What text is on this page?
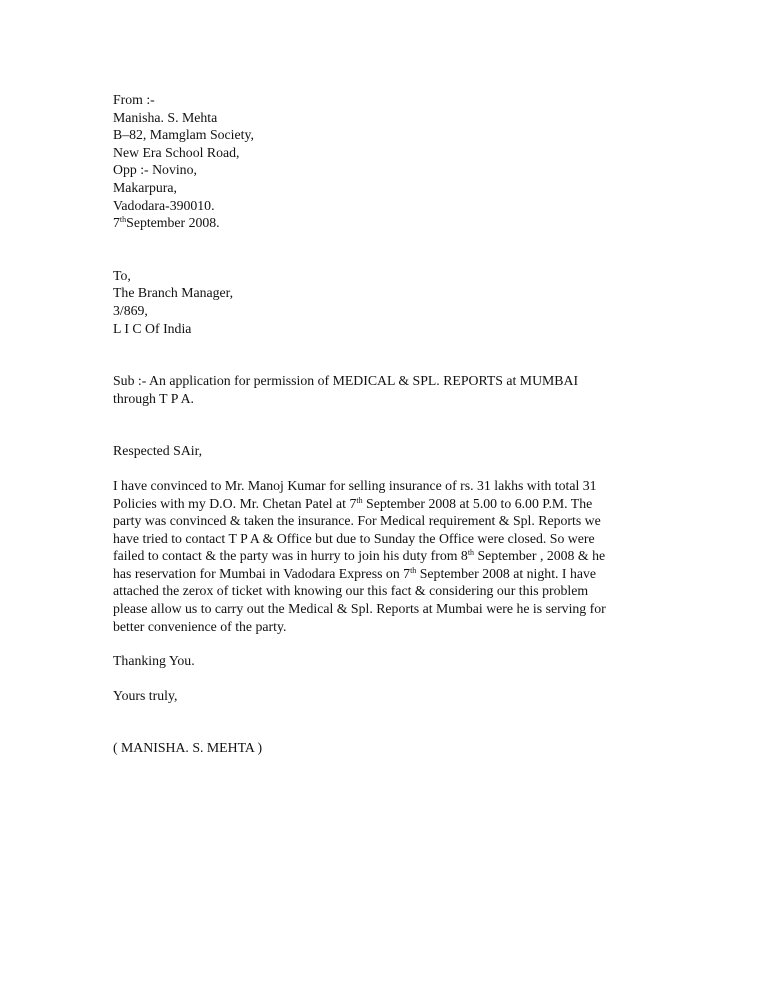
From :-
Manisha. S. Mehta
B–82, Mamglam Society,
New Era School Road,
Opp :- Novino,
Makarpura,
Vadodara-390010.
7thSeptember 2008.
To,
The Branch Manager,
3/869,
L I C Of India
Sub :- An application for permission of MEDICAL & SPL. REPORTS at MUMBAI
through T P A.
Respected SAir,
I have convinced to Mr. Manoj Kumar for selling insurance of rs. 31 lakhs with total 31
Policies with my D.O. Mr. Chetan Patel at 7th September 2008 at 5.00 to 6.00 P.M. The
party was convinced & taken the insurance. For Medical requirement & Spl. Reports we
have tried to contact T P A & Office but due to Sunday the Office were closed. So were
failed to contact & the party was in hurry to join his duty from 8th September , 2008 & he
has reservation for Mumbai in Vadodara Express on 7th September 2008 at night. I have
attached the zerox of ticket with knowing our this fact & considering our this problem
please allow us to carry out the Medical & Spl. Reports at Mumbai were he is serving for
better convenience of the party.
Thanking You.
Yours truly,
( MANISHA. S. MEHTA )
